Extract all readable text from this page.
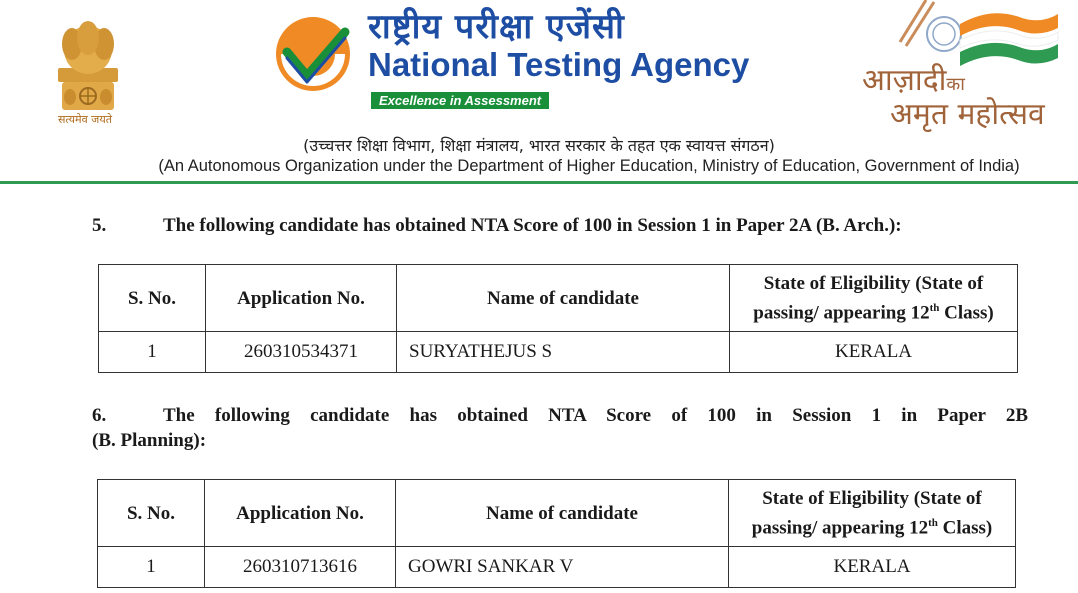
सत्यमेव जयते
राष्ट्रीय परीक्षा एजेंसी
National Testing Agency
Excellence in Assessment
आज़ादीका
अमृत महोत्सव
(उच्चत्तर शिक्षा विभाग, शिक्षा मंत्रालय, भारत सरकार के तहत एक स्वायत्त संगठन)
(An Autonomous Organization under the Department of Higher Education, Ministry of Education, Government of India)
5.	The following candidate has obtained NTA Score of 100 in Session 1 in Paper 2A (B. Arch.):
S. No.	Application No.	Name of candidate	State of Eligibility (State of
passing/ appearing 12th Class)
1	260310534371	SURYATHEJUS S	KERALA
6.	The following candidate has obtained NTA Score of 100 in Session 1 in Paper 2B
(B. Planning):
S. No.	Application No.	Name of candidate	State of Eligibility (State of
passing/ appearing 12th Class)
1	260310713616	GOWRI SANKAR V	KERALA
